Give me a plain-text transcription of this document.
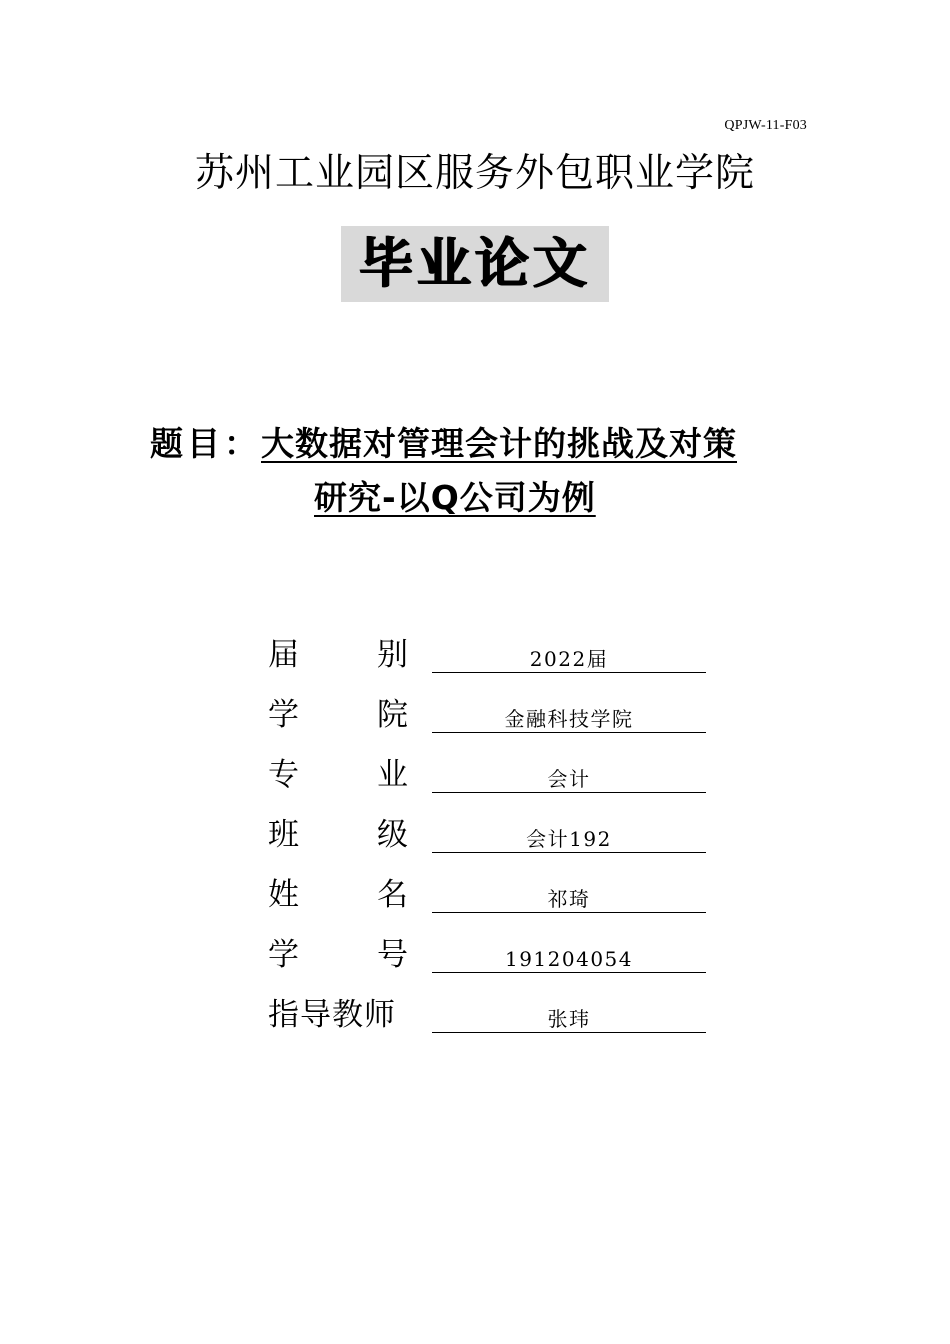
QPJW-11-F03
苏州工业园区服务外包职业学院
毕业论文
题目： 大数据对管理会计的挑战及对策
研究-以Q公司为例
届	别	2022届
学	院	金融科技学院
专	业	会计
班	级	会计192
姓	名	祁琦
学	号	191204054
指导教师	张玮
